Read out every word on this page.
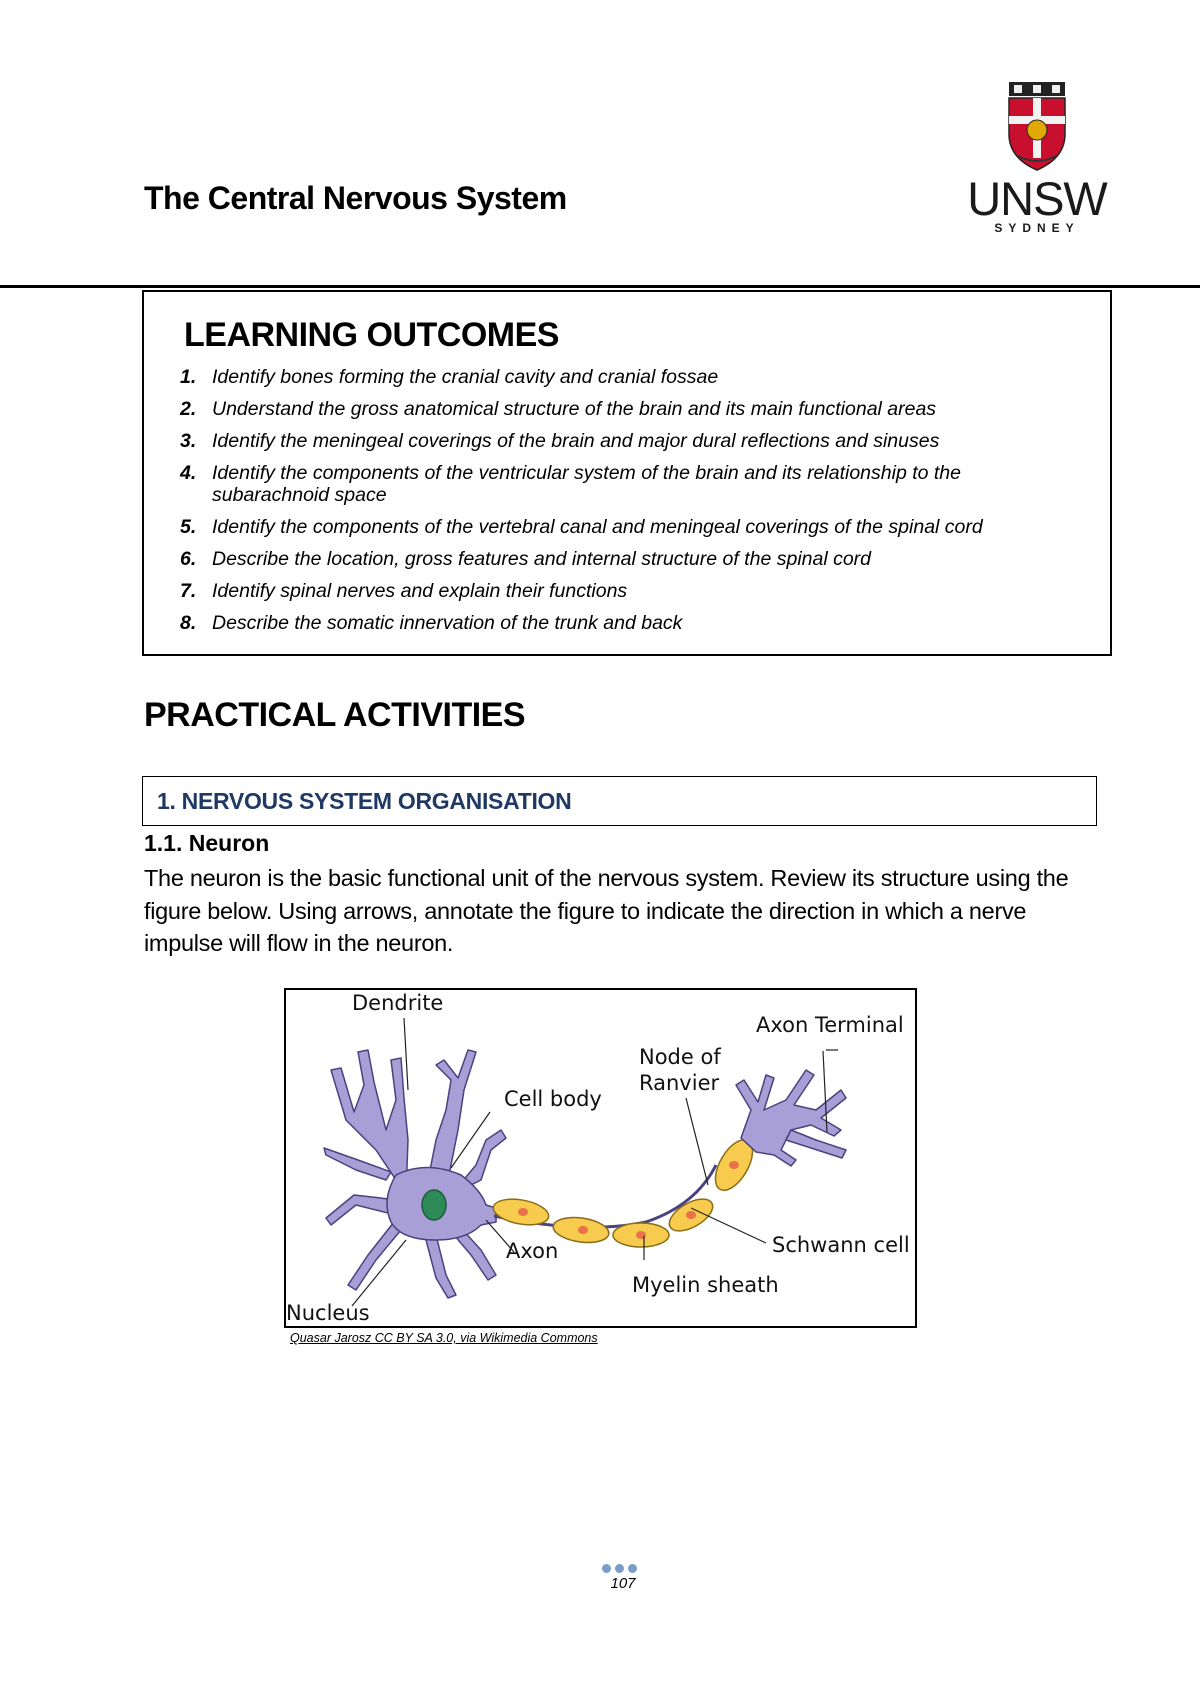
The Central Nervous System	UNSW
SYDNEY
LEARNING OUTCOMES
1. Identify bones forming the cranial cavity and cranial fossae
2. Understand the gross anatomical structure of the brain and its main functional areas
3. Identify the meningeal coverings of the brain and major dural reflections and sinuses
4. Identify the components of the ventricular system of the brain and its relationship to the subarachnoid space
5. Identify the components of the vertebral canal and meningeal coverings of the spinal cord
6. Describe the location, gross features and internal structure of the spinal cord
7. Identify spinal nerves and explain their functions
8. Describe the somatic innervation of the trunk and back
PRACTICAL ACTIVITIES
1. NERVOUS SYSTEM ORGANISATION
1.1. Neuron
The neuron is the basic functional unit of the nervous system. Review its structure using the figure below. Using arrows, annotate the figure to indicate the direction in which a nerve impulse will flow in the neuron.
Dendrite
Axon Terminal
Node of
Ranvier
Cell body
Axon	Schwann cell
Myelin sheath
Nucleus
Quasar Jarosz CC BY SA 3.0, via Wikimedia Commons
107
